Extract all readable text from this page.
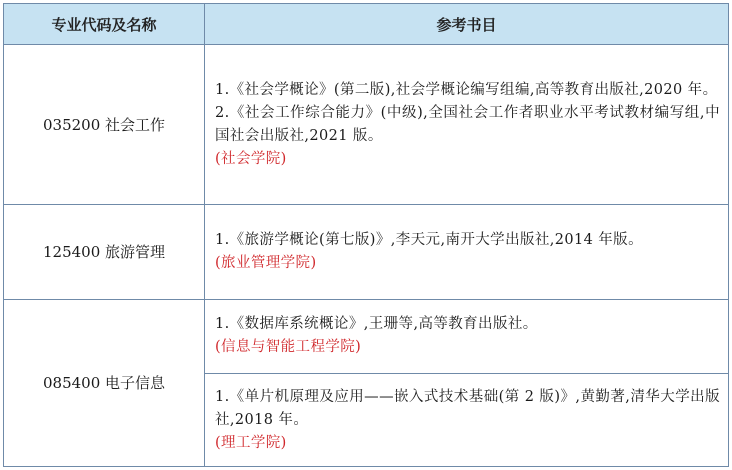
专业代码及名称	参考书目
035200 社会工作	1.《社会学概论》(第二版),社会学概论编写组编,高等教育出版社,2020 年。

2.《社会工作综合能力》(中级),全国社会工作者职业水平考试教材编写组,中国社会出版社,2021 版。

(社会学院)

125400 旅游管理	1.《旅游学概论(第七版)》,李天元,南开大学出版社,2014 年版。

(旅业管理学院)

085400 电子信息	1.《数据库系统概论》,王珊等,高等教育出版社。

(信息与智能工程学院)

	1.《单片机原理及应用——嵌入式技术基础(第 2 版)》,黄勤著,清华大学出版社,2018 年。

(理工学院)
